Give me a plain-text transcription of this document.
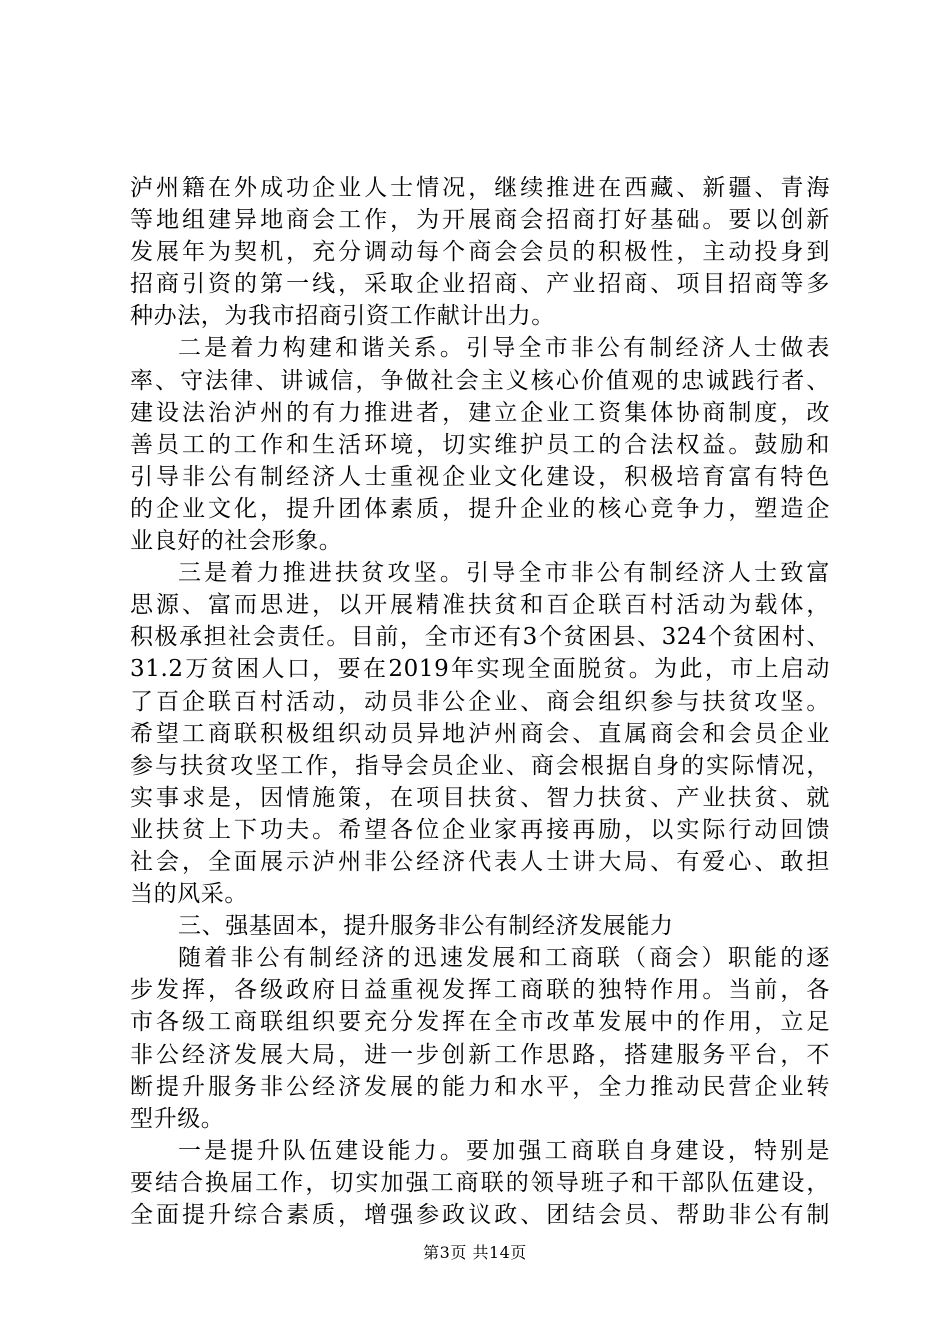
泸州籍在外成功企业人士情况，继续推进在西藏、新疆、青海
等地组建异地商会工作，为开展商会招商打好基础。要以创新
发展年为契机，充分调动每个商会会员的积极性，主动投身到
招商引资的第一线，采取企业招商、产业招商、项目招商等多
种办法，为我市招商引资工作献计出力。
二是着力构建和谐关系。引导全市非公有制经济人士做表
率、守法律、讲诚信，争做社会主义核心价值观的忠诚践行者、
建设法治泸州的有力推进者，建立企业工资集体协商制度，改
善员工的工作和生活环境，切实维护员工的合法权益。鼓励和
引导非公有制经济人士重视企业文化建设，积极培育富有特色
的企业文化，提升团体素质，提升企业的核心竞争力，塑造企
业良好的社会形象。
三是着力推进扶贫攻坚。引导全市非公有制经济人士致富
思源、富而思进，以开展精准扶贫和百企联百村活动为载体，
积极承担社会责任。目前，全市还有3个贫困县、324个贫困村、
31.2万贫困人口，要在2019年实现全面脱贫。为此，市上启动
了百企联百村活动，动员非公企业、商会组织参与扶贫攻坚。
希望工商联积极组织动员异地泸州商会、直属商会和会员企业
参与扶贫攻坚工作，指导会员企业、商会根据自身的实际情况，
实事求是，因情施策，在项目扶贫、智力扶贫、产业扶贫、就
业扶贫上下功夫。希望各位企业家再接再励，以实际行动回馈
社会，全面展示泸州非公经济代表人士讲大局、有爱心、敢担
当的风采。
三、强基固本，提升服务非公有制经济发展能力
随着非公有制经济的迅速发展和工商联（商会）职能的逐
步发挥，各级政府日益重视发挥工商联的独特作用。当前，各
市各级工商联组织要充分发挥在全市改革发展中的作用，立足
非公经济发展大局，进一步创新工作思路，搭建服务平台，不
断提升服务非公经济发展的能力和水平，全力推动民营企业转
型升级。
一是提升队伍建设能力。要加强工商联自身建设，特别是
要结合换届工作，切实加强工商联的领导班子和干部队伍建设，
全面提升综合素质，增强参政议政、团结会员、帮助非公有制
第3页 共14页
